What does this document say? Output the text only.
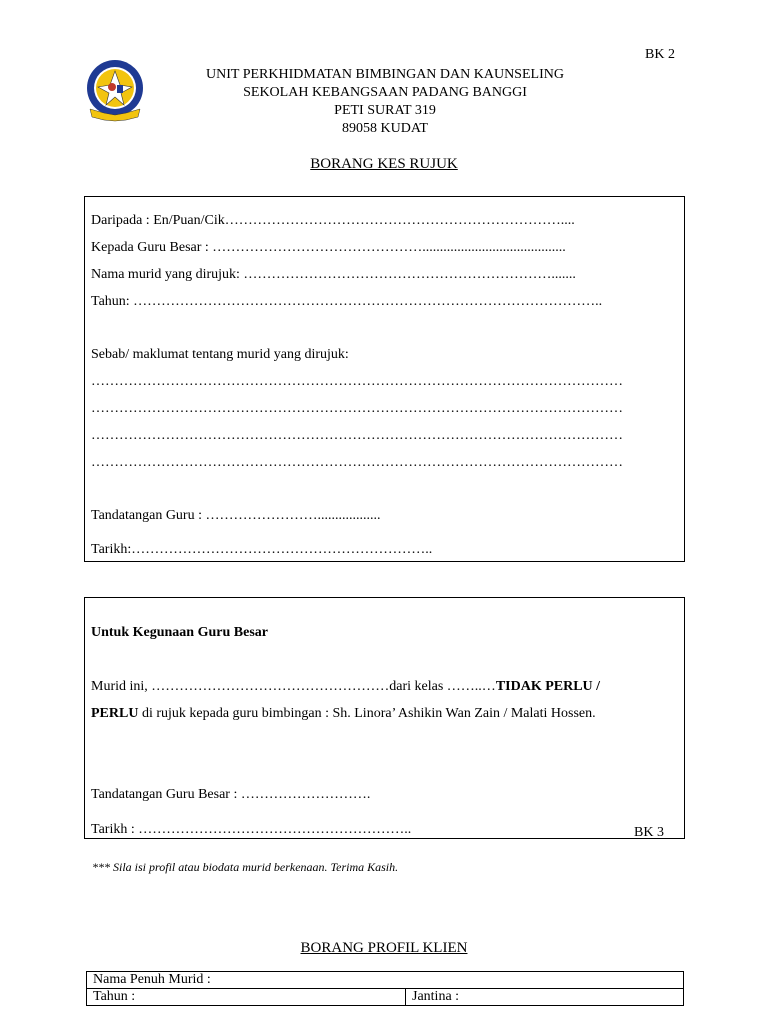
BK 2
UNIT PERKHIDMATAN BIMBINGAN DAN KAUNSELING
SEKOLAH KEBANGSAAN PADANG BANGGI
PETI SURAT 319
89058 KUDAT
BORANG KES RUJUK
Daripada : En/Puan/Cik………………………………………………………………....
Kepada Guru Besar : ……………………………………….........................................
Nama murid yang dirujuk: ………………………………………………………….......
Tahun: ………………………………………………………………………………………..
Sebab/ maklumat tentang murid yang dirujuk:
……………………………………………………………………………………………………
……………………………………………………………………………………………………
……………………………………………………………………………………………………
……………………………………………………………………………………………………
Tandatangan Guru : ……………………..................
Tarikh:………………………………………………………..
Untuk Kegunaan Guru Besar
Murid ini, ……………………………………………dari kelas ……..…TIDAK PERLU /
PERLU di rujuk kepada guru bimbingan : Sh. Linora’ Ashikin Wan Zain / Malati Hossen.
Tandatangan Guru Besar : ……………………….
Tarikh : …………………………………………………..	BK 3
*** Sila isi profil atau biodata murid berkenaan. Terima Kasih.
BORANG PROFIL KLIEN
Nama Penuh Murid :
Tahun :	Jantina :
